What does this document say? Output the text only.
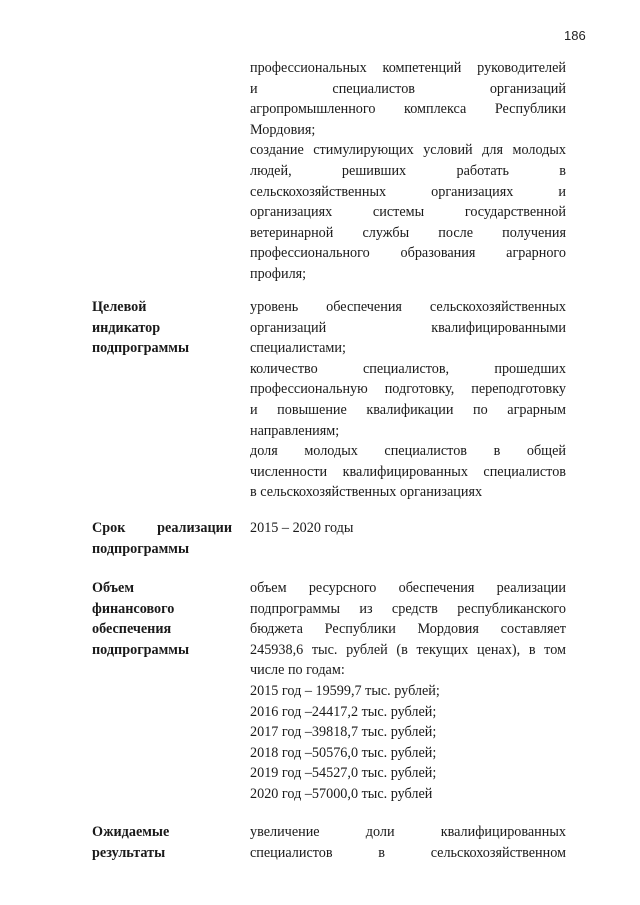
186
профессиональных компетенций руководителей
и специалистов организаций
агропромышленного комплекса Республики
Мордовия;
создание стимулирующих условий для молодых
людей, решивших работать в
сельскохозяйственных организациях и
организациях системы государственной
ветеринарной службы после получения
профессионального образования аграрного
профиля;
Целевой
индикатор
подпрограммы
уровень обеспечения сельскохозяйственных
организаций квалифицированными
специалистами;
количество специалистов, прошедших
профессиональную подготовку, переподготовку
и повышение квалификации по аграрным
направлениям;
доля молодых специалистов в общей
численности квалифицированных специалистов
в сельскохозяйственных организациях
Срок реализации
подпрограммы
2015 – 2020 годы
Объем
финансового
обеспечения
подпрограммы
объем ресурсного обеспечения реализации
подпрограммы из средств республиканского
бюджета Республики Мордовия составляет
245938,6 тыс. рублей (в текущих ценах), в том
числе по годам:
2015 год – 19599,7 тыс. рублей;
2016 год –24417,2 тыс. рублей;
2017 год –39818,7 тыс. рублей;
2018 год –50576,0 тыс. рублей;
2019 год –54527,0 тыс. рублей;
2020 год –57000,0 тыс. рублей
Ожидаемые
результаты
увеличение доли квалифицированных
специалистов в сельскохозяйственном
